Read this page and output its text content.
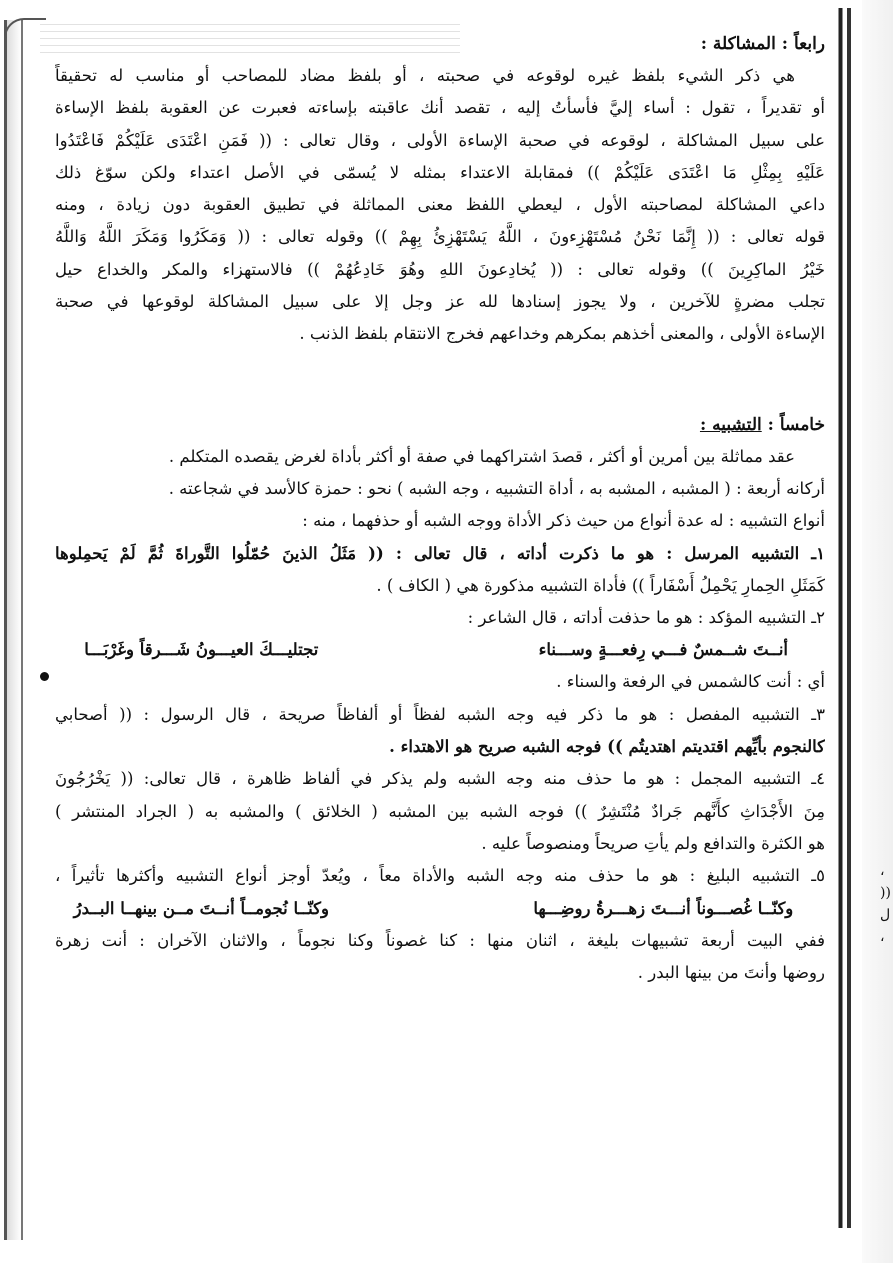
،
))
ل
،
رابعاً : المشاكلة :
هي ذكر الشيء بلفظ غيره لوقوعه في صحبته ، أو بلفظ مضاد للمصاحب أو مناسب له تحقيقاً
أو تقديراً ، تقول : أساء إليَّ فأسأتُ إليه ، تقصد أنك عاقبته بإساءته فعبرت عن العقوبة بلفظ الإساءة
على سبيل المشاكلة ، لوقوعه في صحبة الإساءة الأولى ، وقال تعالى : (( فَمَنِ اعْتَدَى عَلَيْكُمْ فَاعْتَدُوا
عَلَيْهِ بِمِثْلِ مَا اعْتَدَى عَلَيْكُمْ )) فمقابلة الاعتداء بمثله لا يُسمّى في الأصل اعتداء ولكن سوّغ ذلك
داعي المشاكلة لمصاحبته الأول ، ليعطي اللفظ معنى المماثلة في تطبيق العقوبة دون زيادة ، ومنه
قوله تعالى : (( إِنَّمَا نَحْنُ مُسْتَهْزِءونَ ، اللَّهُ يَسْتَهْزِئُ بِهِمْ )) وقوله تعالى : (( وَمَكَرُوا وَمَكَرَ اللَّهُ وَاللَّهُ
خَيْرُ الماكِرِينَ )) وقوله تعالى : (( يُخادِعونَ اللهِ وهُوَ خَادِعُهُمْ )) فالاستهزاء والمكر والخداع حيل
تجلب مضرةٍ للآخرين ، ولا يجوز إسنادها لله عز وجل إلا على سبيل المشاكلة لوقوعها في صحبة
الإساءة الأولى ، والمعنى أخذهم بمكرهم وخداعهم فخرج الانتقام بلفظ الذنب .
خامساً : التشبيه :
عقد مماثلة بين أمرين أو أكثر ، قصدَ اشتراكهما في صفة أو أكثر بأداة لغرض يقصده المتكلم .
أركانه أربعة : ( المشبه ، المشبه به ، أداة التشبيه ، وجه الشبه ) نحو : حمزة كالأسد في شجاعته .
أنواع التشبيه : له عدة أنواع من حيث ذكر الأداة ووجه الشبه أو حذفهما ، منه :
١ـ التشبيه المرسل : هو ما ذكرت أداته ، قال تعالى : (( مَثَلُ الذينَ حُمّلُوا التَّوراةَ ثُمَّ لَمْ يَحمِلوها
كَمَثَلِ الحِمارِ يَحْمِلُ أَسْفَاراً )) فأداة التشبيه مذكورة هي ( الكاف ) .
٢ـ التشبيه المؤكد : هو ما حذفت أداته ، قال الشاعر :
أنــتَ شــمسٌ فـــي رِفعـــةٍ وســـناء
تجتليـــكَ العيـــونُ شَـــرقاً وغَرْبَـــا
أي : أنت كالشمس في الرفعة والسناء .
٣ـ التشبيه المفصل : هو ما ذكر فيه وجه الشبه لفظاً أو ألفاظاً صريحة ، قال الرسول : (( أصحابي
كالنجوم بأيِّهم اقتديتم اهتديتُم )) فوجه الشبه صريح هو الاهتداء .
٤ـ التشبيه المجمل : هو ما حذف منه وجه الشبه ولم يذكر في ألفاظ ظاهرة ، قال تعالى: (( يَخْرُجُونَ
مِنَ الأَجْدَاثِ كأَنَّهم جَرادٌ مُنْتَشِرٌ )) فوجه الشبه بين المشبه ( الخلائق ) والمشبه به ( الجراد المنتشر )
هو الكثرة والتدافع ولم يأتِ صريحاً ومنصوصاً عليه .
٥ـ التشبيه البليغ : هو ما حذف منه وجه الشبه والأداة معاً ، ويُعدّ أوجز أنواع التشبيه وأكثرها تأثيراً ،
وكنّــا غُصـــوناً أنـــتَ زهـــرةُ روضِـــها
وكنّــا نُجومــاً أنــتَ مــن بينهــا البــدرُ
ففي البيت أربعة تشبيهات بليغة ، اثنان منها : كنا غصوناً وكنا نجوماً ، والاثنان الآخران : أنت زهرة
روضها وأنتَ من بينها البدر .
